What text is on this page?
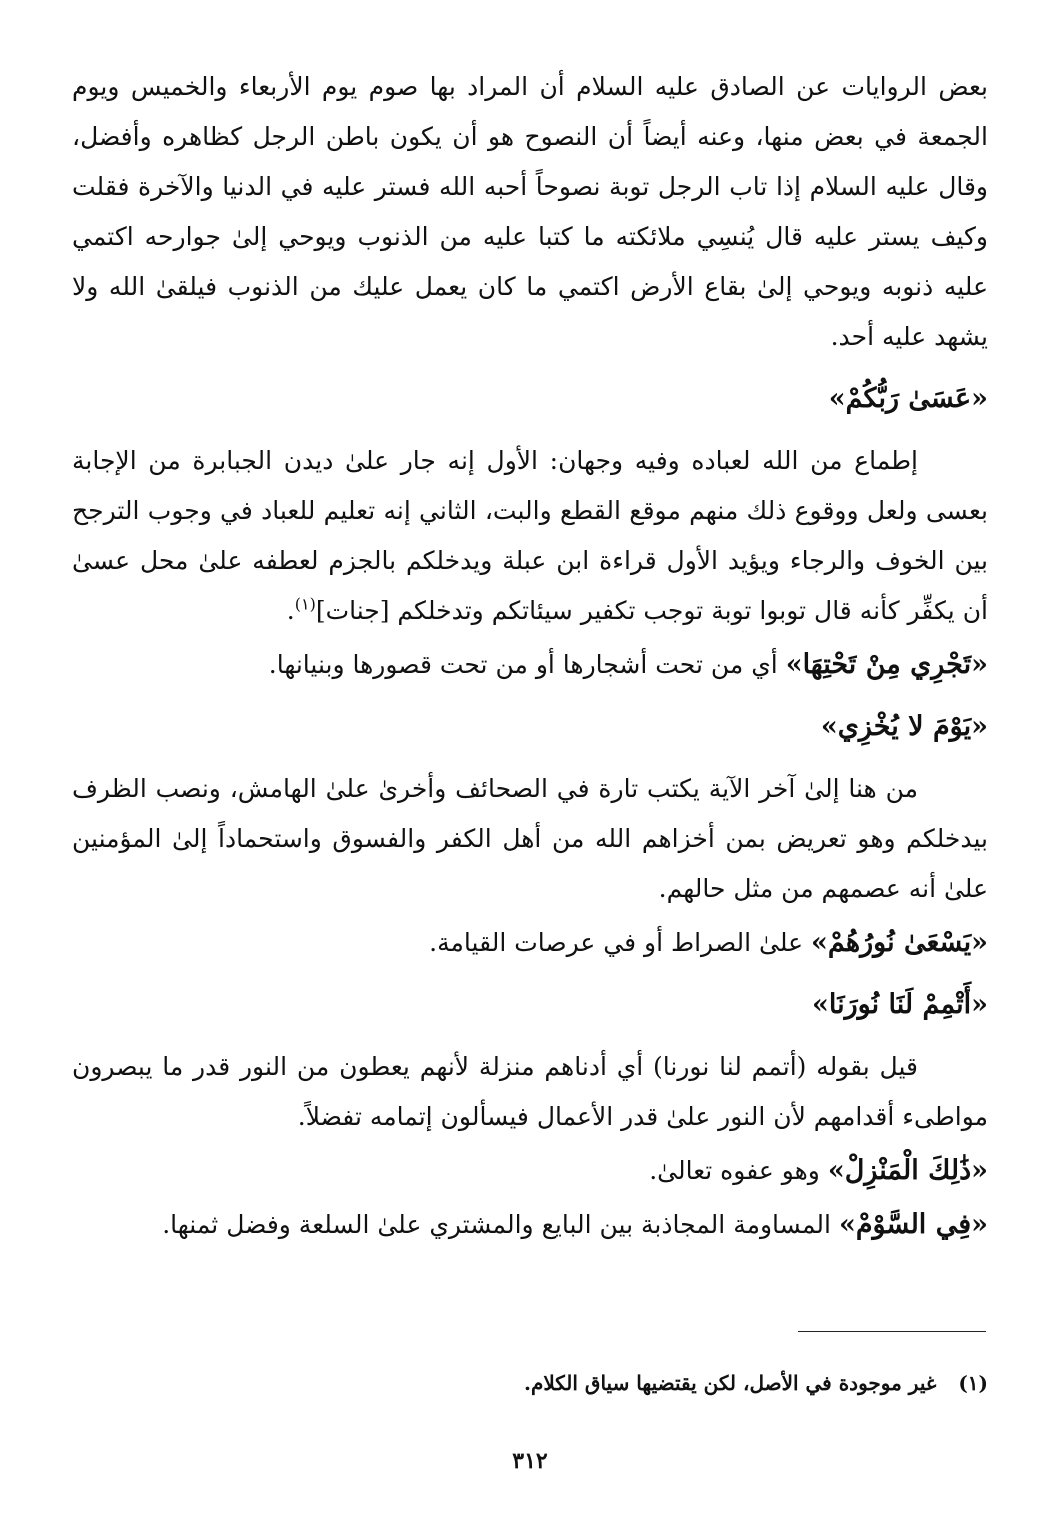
بعض الروايات عن الصادق عليه السلام أن المراد بها صوم يوم الأربعاء والخميس ويوم الجمعة في بعض منها، وعنه أيضاً أن النصوح هو أن يكون باطن الرجل كظاهره وأفضل، وقال عليه السلام إذا تاب الرجل توبة نصوحاً أحبه الله فستر عليه في الدنيا والآخرة فقلت وكيف يستر عليه قال يُنسِي ملائكته ما كتبا عليه من الذنوب ويوحي إلىٰ جوارحه اكتمي عليه ذنوبه ويوحي إلىٰ بقاع الأرض اكتمي ما كان يعمل عليك من الذنوب فيلقىٰ الله ولا يشهد عليه أحد.

«عَسَىٰ رَبُّكُمْ»

إطماع من الله لعباده وفيه وجهان: الأول إنه جار علىٰ ديدن الجبابرة من الإجابة بعسى ولعل ووقوع ذلك منهم موقع القطع والبت، الثاني إنه تعليم للعباد في وجوب الترجح بين الخوف والرجاء ويؤيد الأول قراءة ابن عبلة ويدخلكم بالجزم لعطفه علىٰ محل عسىٰ أن يكفِّر كأنه قال توبوا توبة توجب تكفير سيئاتكم وتدخلكم [جنات]$^{(١)}$.

«تَجْرِي مِنْ تَحْتِهَا» أي من تحت أشجارها أو من تحت قصورها وبنيانها.

«يَوْمَ لا يُخْزِي»

من هنا إلىٰ آخر الآية يكتب تارة في الصحائف وأخرىٰ علىٰ الهامش، ونصب الظرف بيدخلكم وهو تعريض بمن أخزاهم الله من أهل الكفر والفسوق واستحماداً إلىٰ المؤمنين علىٰ أنه عصمهم من مثل حالهم.

«يَسْعَىٰ نُورُهُمْ» علىٰ الصراط أو في عرصات القيامة.

«أَتْمِمْ لَنَا نُورَنَا»

قيل بقوله (أتمم لنا نورنا) أي أدناهم منزلة لأنهم يعطون من النور قدر ما يبصرون مواطىء أقدامهم لأن النور علىٰ قدر الأعمال فيسألون إتمامه تفضلاً.

«ذَٰلِكَ الْمَنْزِلْ» وهو عفوه تعالىٰ.

«فِي السَّوْمْ» المساومة المجاذبة بين البايع والمشتري علىٰ السلعة وفضل ثمنها.

(١)غير موجودة في الأصل، لكن يقتضيها سياق الكلام.
٣١٢
